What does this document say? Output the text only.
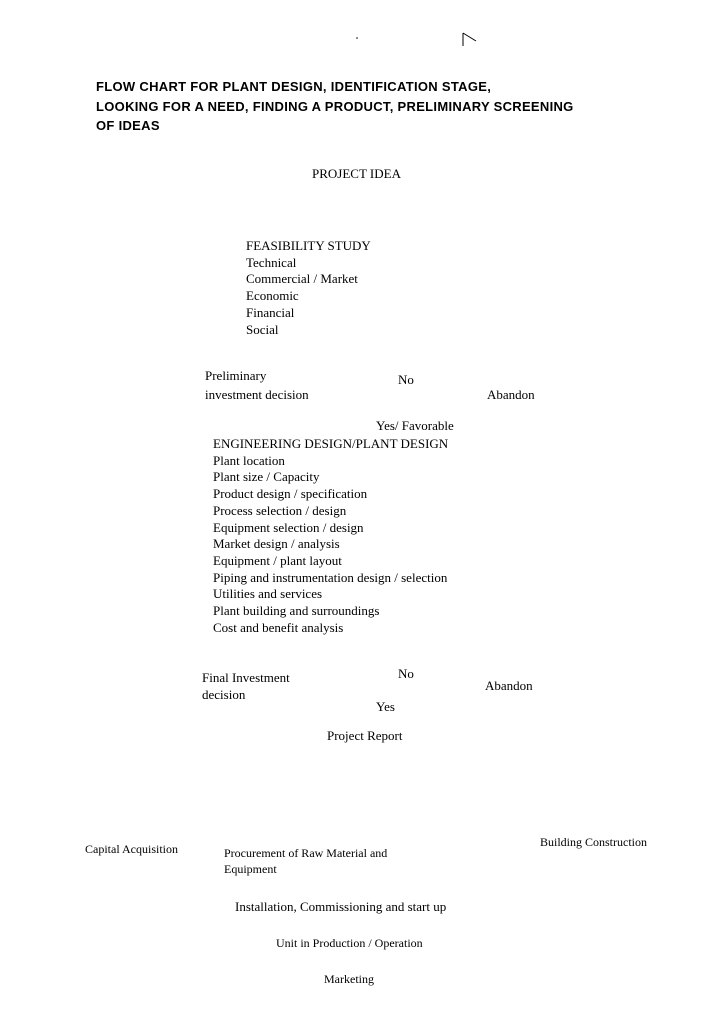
FLOW CHART FOR PLANT DESIGN, IDENTIFICATION STAGE,
LOOKING FOR A NEED, FINDING A PRODUCT, PRELIMINARY SCREENING
OF IDEAS
PROJECT IDEA
FEASIBILITY STUDY
Technical
Commercial / Market
Economic
Financial
Social
Preliminary
investment decision
No
Abandon
Yes/ Favorable
ENGINEERING DESIGN/PLANT DESIGN
Plant location
Plant size / Capacity
Product design / specification
Process selection / design
Equipment selection / design
Market design / analysis
Equipment / plant layout
Piping and instrumentation design / selection
Utilities and services
Plant building and surroundings
Cost and benefit analysis
Final Investment
decision
No
Abandon
Yes
Project Report
Building Construction
Capital Acquisition	Procurement of Raw Material and
Equipment
Installation, Commissioning and start up
Unit in Production / Operation
Marketing
